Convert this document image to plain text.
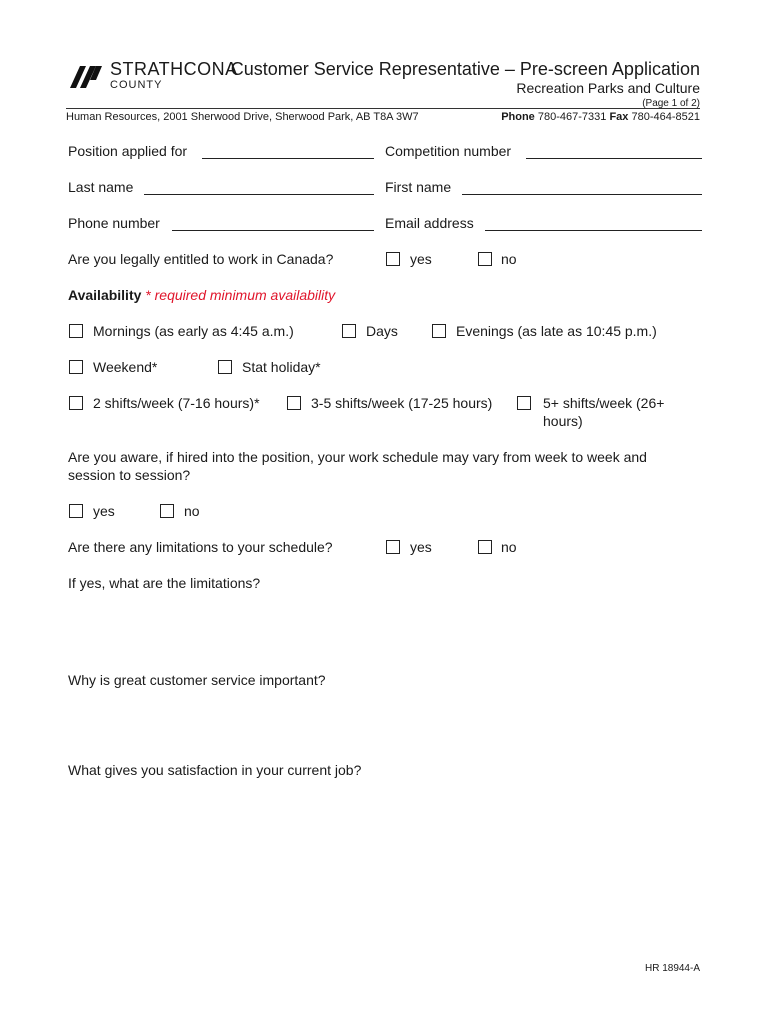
STRATHCONA
COUNTY
Customer Service Representative – Pre-screen Application
Recreation Parks and Culture
(Page 1 of 2)
Human Resources, 2001 Sherwood Drive, Sherwood Park, AB T8A 3W7	Phone 780-467-7331 Fax 780-464-8521
Position applied for	Competition number
Last name	First name
Phone number	Email address
Are you legally entitled to work in Canada?	yes	no
Availability * required minimum availability
Mornings (as early as 4:45 a.m.)	Days	Evenings (as late as 10:45 p.m.)
Weekend*	Stat holiday*
2 shifts/week (7-16 hours)*	3-5 shifts/week (17-25 hours)	5+ shifts/week (26+
hours)
Are you aware, if hired into the position, your work schedule may vary from week to week and
session to session?
yes	no
Are there any limitations to your schedule?	yes	no
If yes, what are the limitations?
Why is great customer service important?
What gives you satisfaction in your current job?
HR 18944-A
